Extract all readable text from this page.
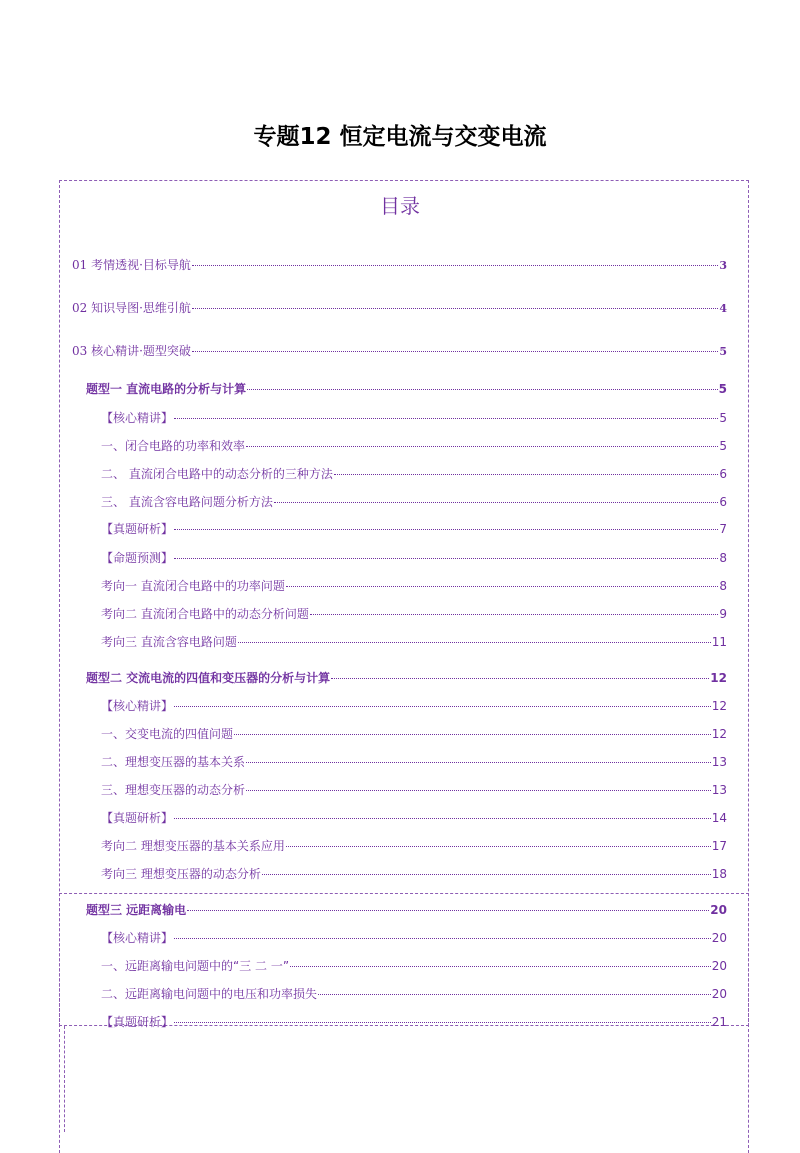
专题12 恒定电流与交变电流
目录
01 考情透视·目标导航	3
02 知识导图·思维引航	4
03 核心精讲·题型突破	5
题型一 直流电路的分析与计算	5
【核心精讲】	5
一、闭合电路的功率和效率	5
二、 直流闭合电路中的动态分析的三种方法	6
三、 直流含容电路问题分析方法	6
【真题研析】	7
【命题预测】	8
考向一 直流闭合电路中的功率问题	8
考向二 直流闭合电路中的动态分析问题	9
考向三 直流含容电路问题	11
题型二 交流电流的四值和变压器的分析与计算	12
【核心精讲】	12
一、交变电流的四值问题	12
二、理想变压器的基本关系	13
三、理想变压器的动态分析	13
【真题研析】	14
考向二 理想变压器的基本关系应用	17
考向三 理想变压器的动态分析	18
题型三 远距离输电	20
【核心精讲】	20
一、远距离输电问题中的“三 二 一”	20
二、远距离输电问题中的电压和功率损失	20
【真题研析】	21
